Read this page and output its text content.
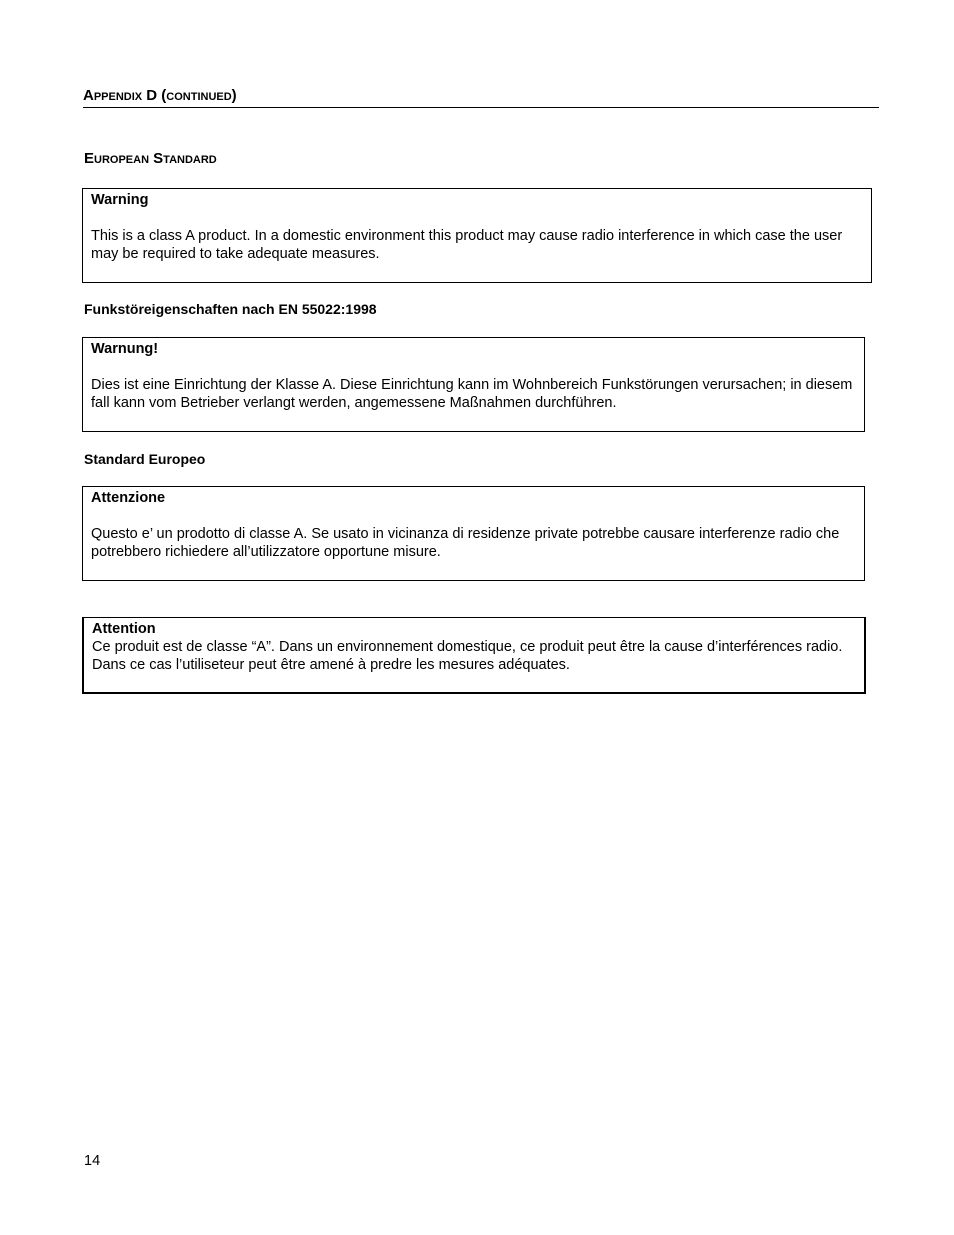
Appendix D (continued)
European Standard

Warning

This is a class A product. In a domestic environment this product may cause radio interference in which case the user may be required to take adequate measures.

Funkstöreigenschaften nach EN 55022:1998

Warnung!

Dies ist eine Einrichtung der Klasse A. Diese Einrichtung kann im Wohnbereich Funkstörungen verursachen; in diesem fall kann vom Betrieber verlangt werden, angemessene Maßnahmen durchführen.

Standard Europeo

Attenzione

Questo e’ un prodotto di classe A. Se usato in vicinanza di residenze private potrebbe causare interferenze radio che potrebbero richiedere all’utilizzatore opportune misure.

Attention

Ce produit est de classe “A”. Dans un environnement domestique, ce produit peut être la cause d’interférences radio. Dans ce cas l’utiliseteur peut être amené à predre les mesures adéquates.

14
